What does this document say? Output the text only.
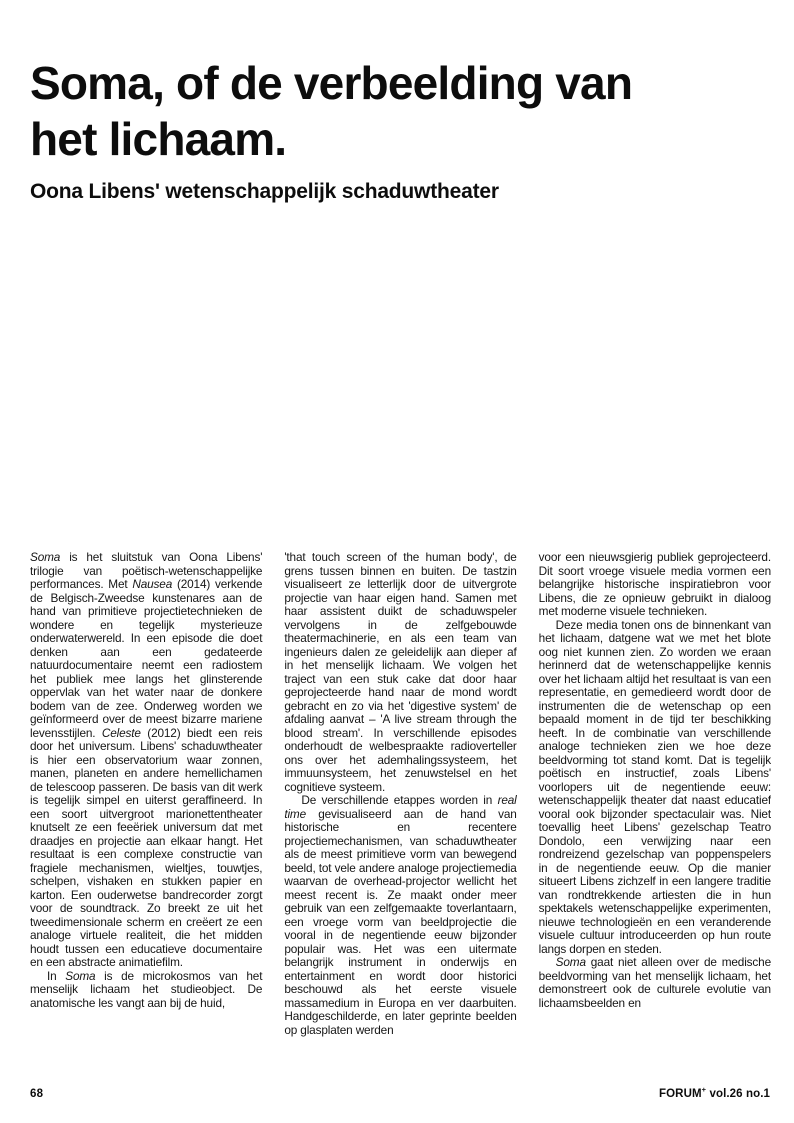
Soma, of de verbeelding van
het lichaam.
Oona Libens' wetenschappelijk schaduwtheater
Soma is het sluitstuk van Oona Libens' trilogie van poëtisch-wetenschappelijke performances. Met Nausea (2014) verkende de Belgisch-Zweedse kunstenares aan de hand van primitieve projectietechnieken de wondere en tegelijk mysterieuze onderwaterwereld. In een episode die doet denken aan een gedateerde natuurdocumentaire neemt een radiostem het publiek mee langs het glinsterende oppervlak van het water naar de donkere bodem van de zee. Onderweg worden we geïnformeerd over de meest bizarre mariene levensstijlen. Celeste (2012) biedt een reis door het universum. Libens' schaduwtheater is hier een observatorium waar zonnen, manen, planeten en andere hemellichamen de telescoop passeren. De basis van dit werk is tegelijk simpel en uiterst geraffineerd. In een soort uitvergroot marionettentheater knutselt ze een feeëriek universum dat met draadjes en projectie aan elkaar hangt. Het resultaat is een complexe constructie van fragiele mechanismen, wieltjes, touwtjes, schelpen, vishaken en stukken papier en karton. Een ouderwetse bandrecorder zorgt voor de soundtrack. Zo breekt ze uit het tweedimensionale scherm en creëert ze een analoge virtuele realiteit, die het midden houdt tussen een educatieve documentaire en een abstracte animatiefilm.
In Soma is de microkosmos van het menselijk lichaam het studieobject. De anatomische les vangt aan bij de huid,
'that touch screen of the human body', de grens tussen binnen en buiten. De tastzin visualiseert ze letterlijk door de uitvergrote projectie van haar eigen hand. Samen met haar assistent duikt de schaduwspeler vervolgens in de zelfgebouwde theatermachinerie, en als een team van ingenieurs dalen ze geleidelijk aan dieper af in het menselijk lichaam. We volgen het traject van een stuk cake dat door haar geprojecteerde hand naar de mond wordt gebracht en zo via het 'digestive system' de afdaling aanvat – 'A live stream through the blood stream'. In verschillende episodes onderhoudt de welbespraakte radioverteller ons over het ademhalingssysteem, het immuunsysteem, het zenuwstelsel en het cognitieve systeem.
De verschillende etappes worden in real time gevisualiseerd aan de hand van historische en recentere projectiemechanismen, van schaduwtheater als de meest primitieve vorm van bewegend beeld, tot vele andere analoge projectiemedia waarvan de overhead-projector wellicht het meest recent is. Ze maakt onder meer gebruik van een zelfgemaakte toverlantaarn, een vroege vorm van beeldprojectie die vooral in de negentiende eeuw bijzonder populair was. Het was een uitermate belangrijk instrument in onderwijs en entertainment en wordt door historici beschouwd als het eerste visuele massamedium in Europa en ver daarbuiten. Handgeschilderde, en later geprinte beelden op glasplaten werden
voor een nieuwsgierig publiek geprojecteerd. Dit soort vroege visuele media vormen een belangrijke historische inspiratiebron voor Libens, die ze opnieuw gebruikt in dialoog met moderne visuele technieken.
Deze media tonen ons de binnenkant van het lichaam, datgene wat we met het blote oog niet kunnen zien. Zo worden we eraan herinnerd dat de wetenschappelijke kennis over het lichaam altijd het resultaat is van een representatie, en gemedieerd wordt door de instrumenten die de wetenschap op een bepaald moment in de tijd ter beschikking heeft. In de combinatie van verschillende analoge technieken zien we hoe deze beeldvorming tot stand komt. Dat is tegelijk poëtisch en instructief, zoals Libens' voorlopers uit de negentiende eeuw: wetenschappelijk theater dat naast educatief vooral ook bijzonder spectaculair was. Niet toevallig heet Libens' gezelschap Teatro Dondolo, een verwijzing naar een rondreizend gezelschap van poppenspelers in de negentiende eeuw. Op die manier situeert Libens zichzelf in een langere traditie van rondtrekkende artiesten die in hun spektakels wetenschappelijke experimenten, nieuwe technologieën en een veranderende visuele cultuur introduceerden op hun route langs dorpen en steden.
Soma gaat niet alleen over de medische beeldvorming van het menselijk lichaam, het demonstreert ook de culturele evolutie van lichaamsbeelden en
68	FORUM+ vol.26 no.1
